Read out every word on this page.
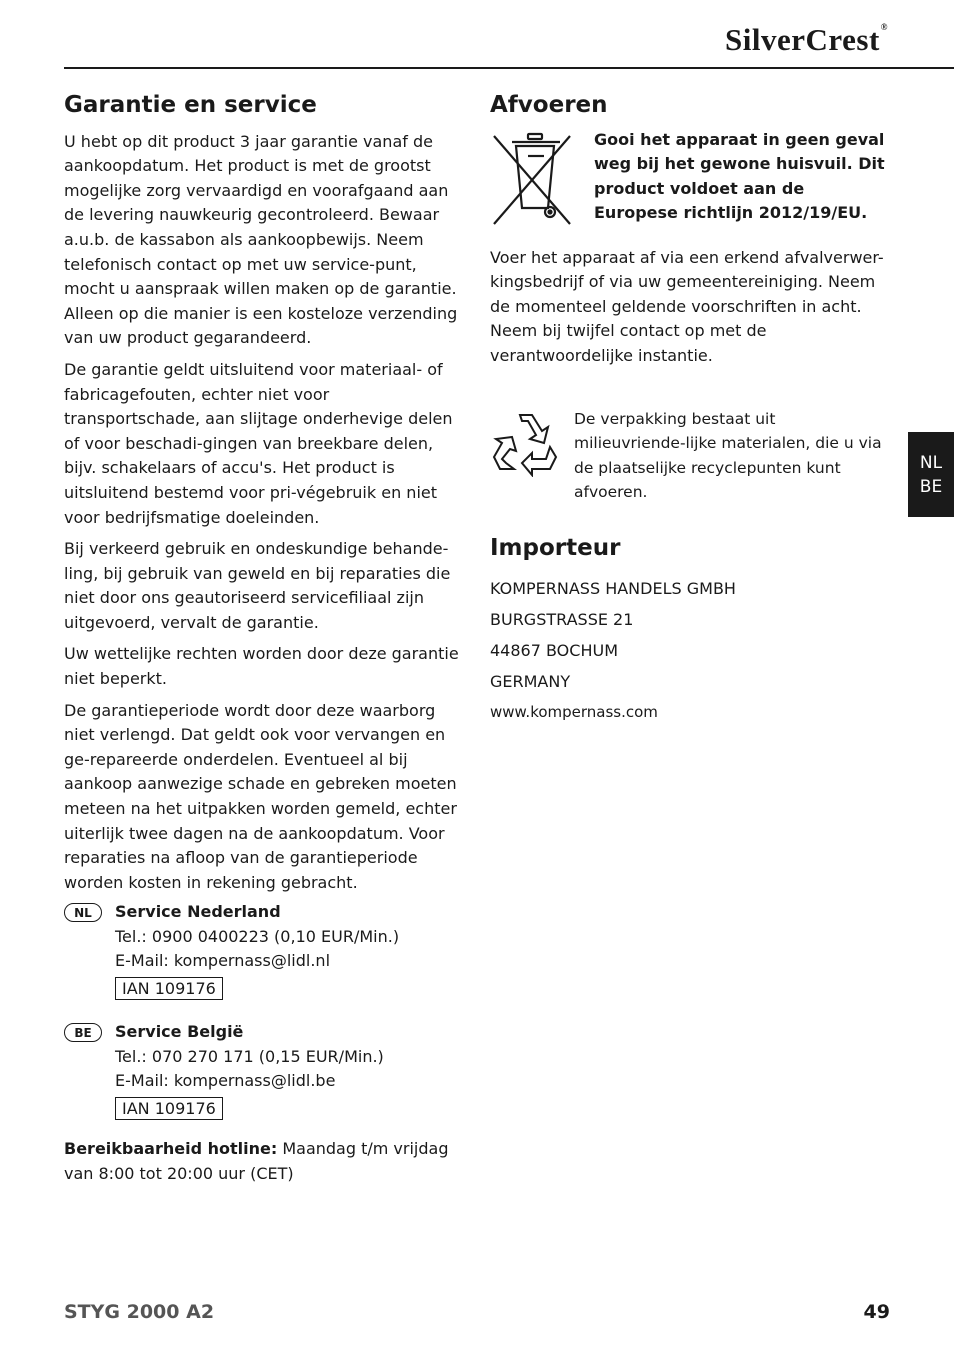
SilverCrest®
Garantie en service

U hebt op dit product 3 jaar garantie vanaf de aankoopdatum. Het product is met de grootst mogelijke zorg vervaardigd en voorafgaand aan de levering nauwkeurig gecontroleerd. Bewaar a.u.b. de kassabon als aankoopbewijs. Neem telefonisch contact op met uw service-punt, mocht u aanspraak willen maken op de garantie. Alleen op die manier is een kosteloze verzending van uw product gegarandeerd.

De garantie geldt uitsluitend voor materiaal- of fabricagefouten, echter niet voor transportschade, aan slijtage onderhevige delen of voor beschadi-gingen van breekbare delen, bijv. schakelaars of accu's. Het product is uitsluitend bestemd voor pri-végebruik en niet voor bedrijfsmatige doeleinden.

Bij verkeerd gebruik en ondeskundige behande-ling, bij gebruik van geweld en bij reparaties die niet door ons geautoriseerd servicefiliaal zijn uitgevoerd, vervalt de garantie.

Uw wettelijke rechten worden door deze garantie niet beperkt.

De garantieperiode wordt door deze waarborg niet verlengd. Dat geldt ook voor vervangen en ge-repareerde onderdelen. Eventueel al bij aankoop aanwezige schade en gebreken moeten meteen na het uitpakken worden gemeld, echter uiterlijk twee dagen na de aankoopdatum. Voor reparaties na afloop van de garantieperiode worden kosten in rekening gebracht.

NL	Service Nederland

Tel.: 0900 0400223 (0,10 EUR/Min.)

E-Mail: kompernass@lidl.nl

IAN 109176
BE	Service België

Tel.: 070 270 171 (0,15 EUR/Min.)

E-Mail: kompernass@lidl.be

IAN 109176

Bereikbaarheid hotline: Maandag t/m vrijdag van 8:00 tot 20:00 uur (CET)

Afvoeren

Gooi het apparaat in geen geval weg bij het gewone huisvuil. Dit product voldoet aan de Europese richtlijn 2012/19/EU.

Voer het apparaat af via een erkend afvalverwer-kingsbedrijf of via uw gemeentereiniging. Neem de momenteel geldende voorschriften in acht. Neem bij twijfel contact op met de verantwoordelijke instantie.

De verpakking bestaat uit milieuvriende-lijke materialen, die u via de plaatselijke recyclepunten kunt afvoeren.

Importeur

KOMPERNASS HANDELS GMBH

BURGSTRASSE 21

44867 BOCHUM

GERMANY

www.kompernass.com

NL
BE
STYG 2000 A2	49
